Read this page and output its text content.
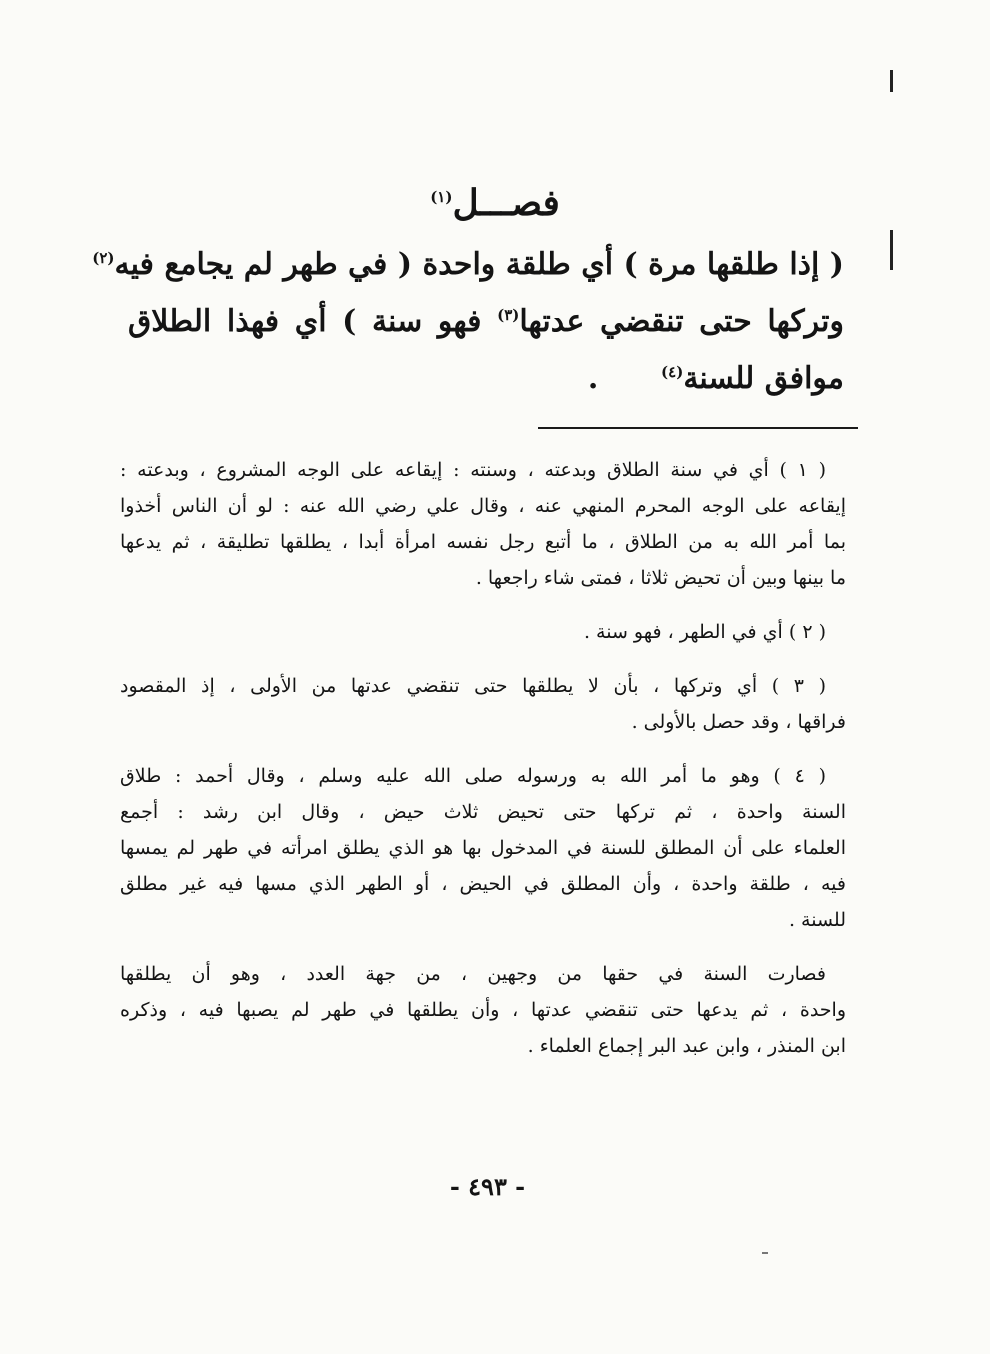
فصـــل$^{(١)}$
( إذا طلقها مرة ) أي طلقة واحدة ( في طهر لم يجامع فيه$^{(٢)}$
وتركها حتى تنقضي عدتها$^{(٣)}$ فهو سنة ) أي فهذا الطلاق
موافق للسنة$^{(٤)}$      .
( ١ ) أي في سنة الطلاق وبدعته ، وسنته : إيقاعه على الوجه المشروع ، وبدعته :
إيقاعه على الوجه المحرم المنهي عنه ، وقال علي رضي الله عنه : لو أن الناس أخذوا
بما أمر الله به من الطلاق ، ما أتبع رجل نفسه امرأة أبدا ، يطلقها تطليقة ، ثم يدعها
ما بينها وبين أن تحيض ثلاثا ، فمتى شاء راجعها .
( ٢ ) أي في الطهر ، فهو سنة .
( ٣ ) أي وتركها ، بأن لا يطلقها حتى تنقضي عدتها من الأولى ، إذ المقصود
فراقها ، وقد حصل بالأولى .
( ٤ ) وهو ما أمر الله به ورسوله صلى الله عليه وسلم ، وقال أحمد : طلاق
السنة واحدة ، ثم تركها حتى تحيض ثلاث حيض ، وقال ابن رشد : أجمع
العلماء على أن المطلق للسنة في المدخول بها هو الذي يطلق امرأته في طهر لم يمسها
فيه ، طلقة واحدة ، وأن المطلق في الحيض ، أو الطهر الذي مسها فيه غير مطلق
للسنة .
فصارت السنة في حقها من وجهين ، من جهة العدد ، وهو أن يطلقها
واحدة ، ثم يدعها حتى تنقضي عدتها ، وأن يطلقها في طهر لم يصبها فيه ، وذكره
ابن المنذر ، وابن عبد البر إجماع العلماء .
- ٤٩٣ -
